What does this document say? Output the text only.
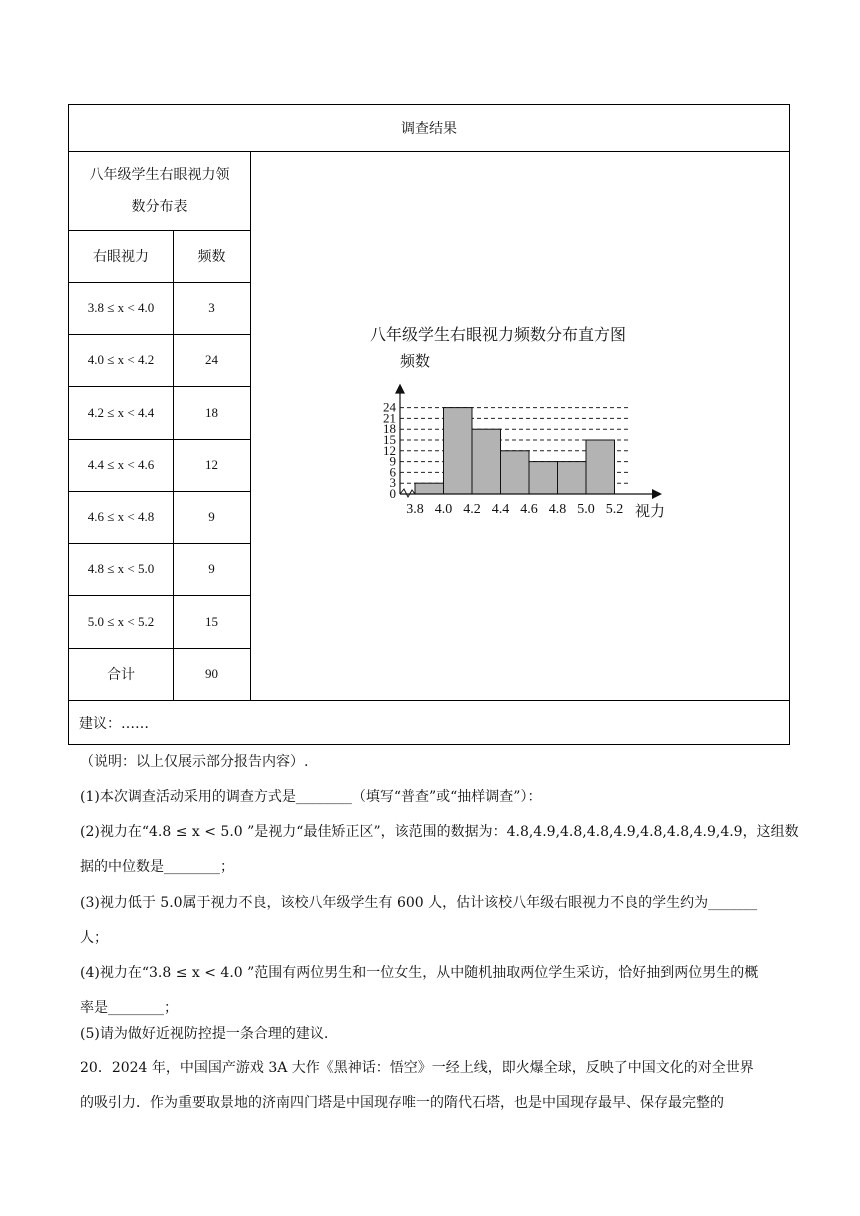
调查结果
八年级学生右眼视力领
数分布表
右眼视力	频数
3.8 ≤ x < 4.0	3
4.0 ≤ x < 4.2	24
4.2 ≤ x < 4.4	18
4.4 ≤ x < 4.6	12
4.6 ≤ x < 4.8	9
4.8 ≤ x < 5.0	9
5.0 ≤ x < 5.2	15
合计	90
建议：……
八年级学生右眼视力频数分布直方图
频数
视力
0
3
6
9
12
15
18
21
24
3.8 4.0 4.2 4.4 4.6 4.8 5.0 5.2
（说明：以上仅展示部分报告内容）.
(1)本次调查活动采用的调查方式是________（填写“普查”或“抽样调查”）：
(2)视力在“4.8 ≤ x < 5.0 ”是视力“最佳矫正区”，该范围的数据为：4.8,4.9,4.8,4.8,4.9,4.8,4.8,4.9,4.9，这组数
据的中位数是________；
(3)视力低于 5.0属于视力不良，该校八年级学生有 600 人，估计该校八年级右眼视力不良的学生约为_______
人；
(4)视力在“3.8 ≤ x < 4.0 ”范围有两位男生和一位女生，从中随机抽取两位学生采访，恰好抽到两位男生的概
率是________；
(5)请为做好近视防控提一条合理的建议.
20．2024 年，中国国产游戏 3A 大作《黑神话：悟空》一经上线，即火爆全球，反映了中国文化的对全世界
的吸引力．作为重要取景地的济南四门塔是中国现存唯一的隋代石塔，也是中国现存最早、保存最完整的
